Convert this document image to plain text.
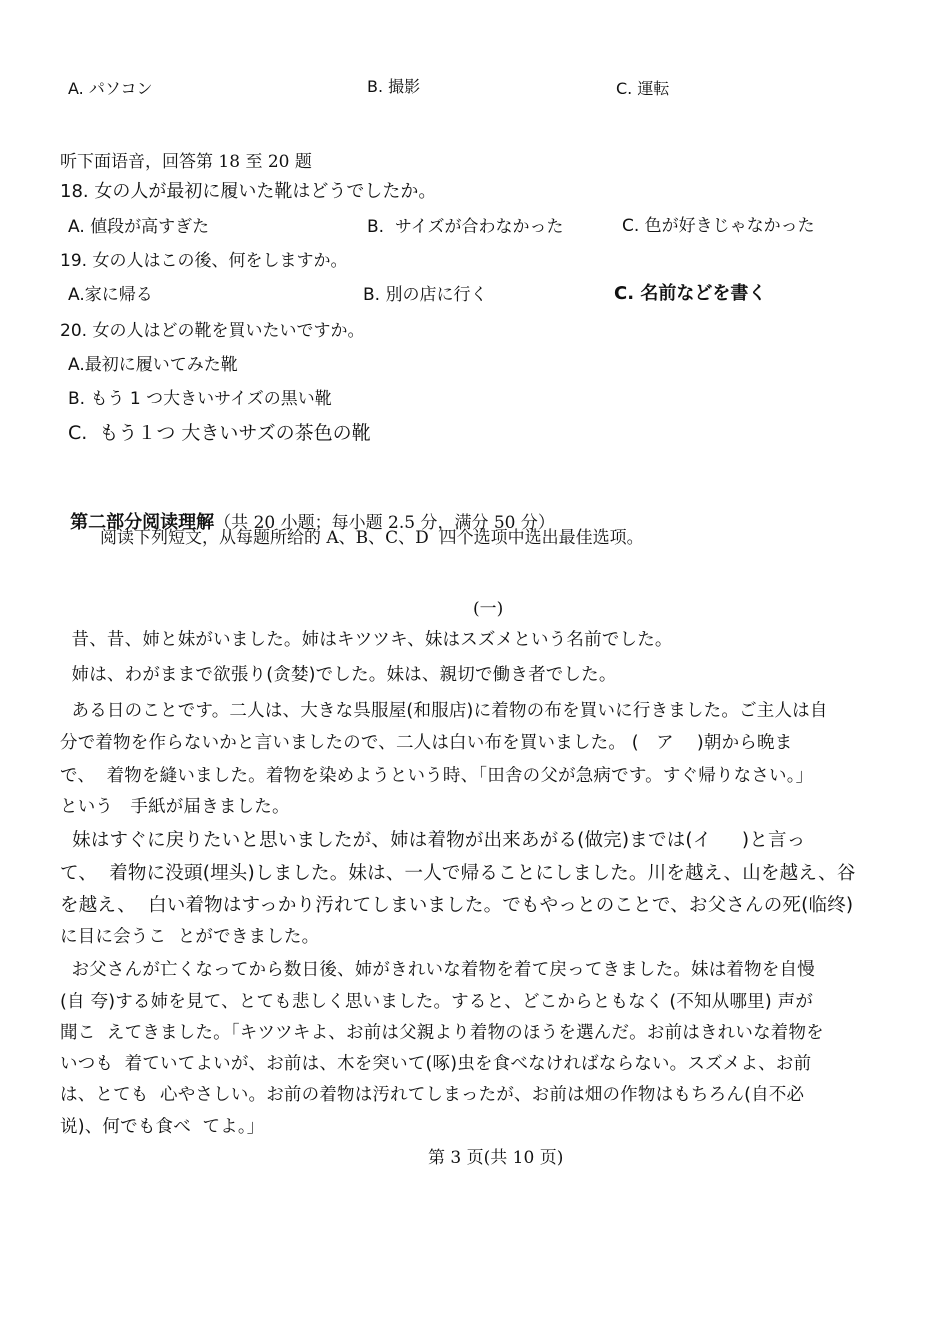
A. パソコン	B. 撮影	C. 運転
听下面语音，回答第 18 至 20 题
18. 女の人が最初に履いた靴はどうでしたか。
A. 値段が高すぎた	B.  サイズが合わなかった	C. 色が好きじゃなかった
19. 女の人はこの後、何をしますか。
A.家に帰る	B. 別の店に行く	C. 名前などを書く
20. 女の人はどの靴を買いたいですか。
A.最初に履いてみた靴
B. もう 1 つ大きいサイズの黒い靴
C.  もう１つ 大きいサズの茶色の靴

第二部分阅读理解（共 20 小题；每小题 2.5 分，满分 50 分）

阅读下列短文，从每题所给的 A、B、C、D  四个选项中选出最佳选项。
(一)
昔、昔、姉と妹がいました。姉はキツツキ、妹はスズメという名前でした。
姉は、わがままで欲張り(贪婪)でした。妹は、親切で働き者でした。
ある日のことです。二人は、大きな呉服屋(和服店)に着物の布を買いに行きました。ご主人は自
分で着物を作らないかと言いましたので、二人は白い布を買いました。 (   ア    )朝から晩ま
で、  着物を縫いました。着物を染めようという時、「田舎の父が急病です。すぐ帰りなさい。」
という   手紙が届きました。
妹はすぐに戻りたいと思いましたが、姉は着物が出来あがる(做完)までは(イ     )と言っ
て、  着物に没頭(埋头)しました。妹は、一人で帰ることにしました。川を越え、山を越え、谷
を越え、  白い着物はすっかり汚れてしまいました。でもやっとのことで、お父さんの死(临终)
に目に会うこ  とができました。
お父さんが亡くなってから数日後、姉がきれいな着物を着て戻ってきました。妹は着物を自慢
(自 夸)する姉を見て、とても悲しく思いました。すると、どこからともなく (不知从哪里) 声が
聞こ  えてきました。「キツツキよ、お前は父親より着物のほうを選んだ。お前はきれいな着物を
いつも  着ていてよいが、お前は、木を突いて(啄)虫を食べなければならない。スズメよ、お前
は、とても  心やさしい。お前の着物は汚れてしまったが、お前は畑の作物はもちろん(自不必
说)、何でも食べ  てよ。」
第 3 页(共 10 页)
